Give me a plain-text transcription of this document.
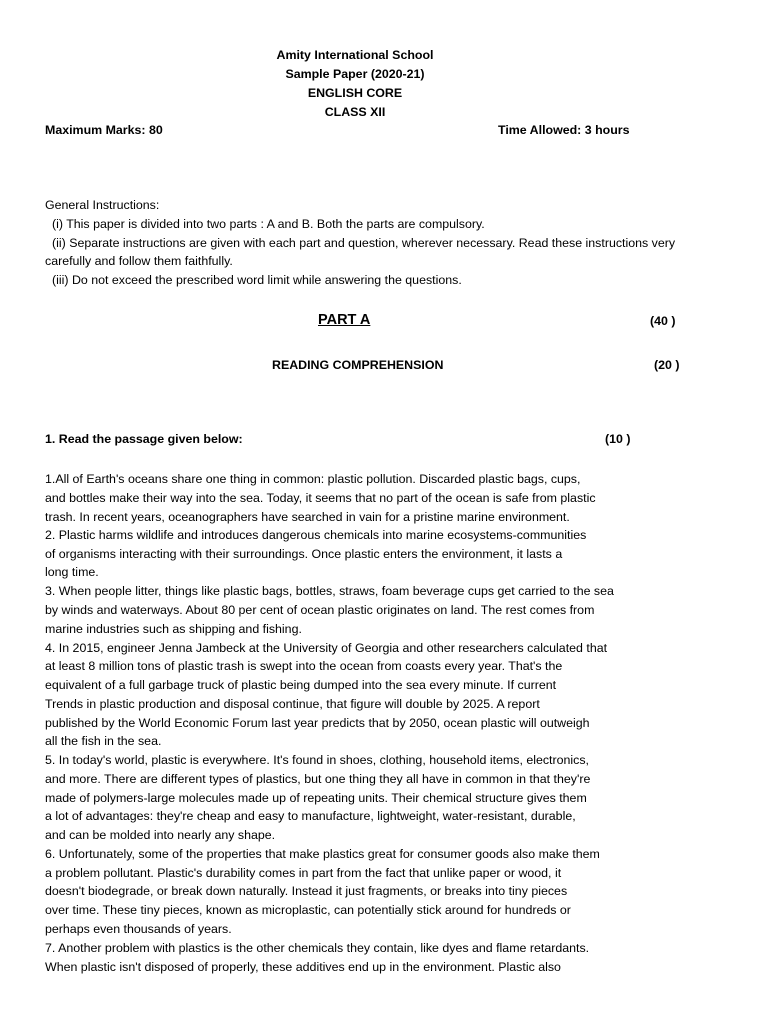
Amity International School
Sample Paper (2020-21)
ENGLISH CORE
CLASS XII
Maximum Marks: 80	Time Allowed: 3 hours
General Instructions:
(i) This paper is divided into two parts : A and B. Both the parts are compulsory.
(ii) Separate instructions are given with each part and question, wherever necessary. Read these instructions very
carefully and follow them faithfully.
(iii) Do not exceed the prescribed word limit while answering the questions.
PART A	(40 )
READING COMPREHENSION	(20 )
1. Read the passage given below:	(10 )
1.All of Earth's oceans share one thing in common: plastic pollution. Discarded plastic bags, cups,
and bottles make their way into the sea. Today, it seems that no part of the ocean is safe from plastic
trash. In recent years, oceanographers have searched in vain for a pristine marine environment.
2. Plastic harms wildlife and introduces dangerous chemicals into marine ecosystems-communities
of organisms interacting with their surroundings. Once plastic enters the environment, it lasts a
long time.
3. When people litter, things like plastic bags, bottles, straws, foam beverage cups get carried to the sea
by winds and waterways. About 80 per cent of ocean plastic originates on land. The rest comes from
marine industries such as shipping and fishing.
4. In 2015, engineer Jenna Jambeck at the University of Georgia and other researchers calculated that
at least 8 million tons of plastic trash is swept into the ocean from coasts every year. That's the
equivalent of a full garbage truck of plastic being dumped into the sea every minute. If current
Trends in plastic production and disposal continue, that figure will double by 2025. A report
published by the World Economic Forum last year predicts that by 2050, ocean plastic will outweigh
all the fish in the sea.
5. In today's world, plastic is everywhere. It's found in shoes, clothing, household items, electronics,
and more. There are different types of plastics, but one thing they all have in common in that they're
made of polymers-large molecules made up of repeating units. Their chemical structure gives them
a lot of advantages: they're cheap and easy to manufacture, lightweight, water-resistant, durable,
and can be molded into nearly any shape.
6. Unfortunately, some of the properties that make plastics great for consumer goods also make them
a problem pollutant. Plastic's durability comes in part from the fact that unlike paper or wood, it
doesn't biodegrade, or break down naturally. Instead it just fragments, or breaks into tiny pieces
over time. These tiny pieces, known as microplastic, can potentially stick around for hundreds or
perhaps even thousands of years.
7. Another problem with plastics is the other chemicals they contain, like dyes and flame retardants.
When plastic isn't disposed of properly, these additives end up in the environment. Plastic also
